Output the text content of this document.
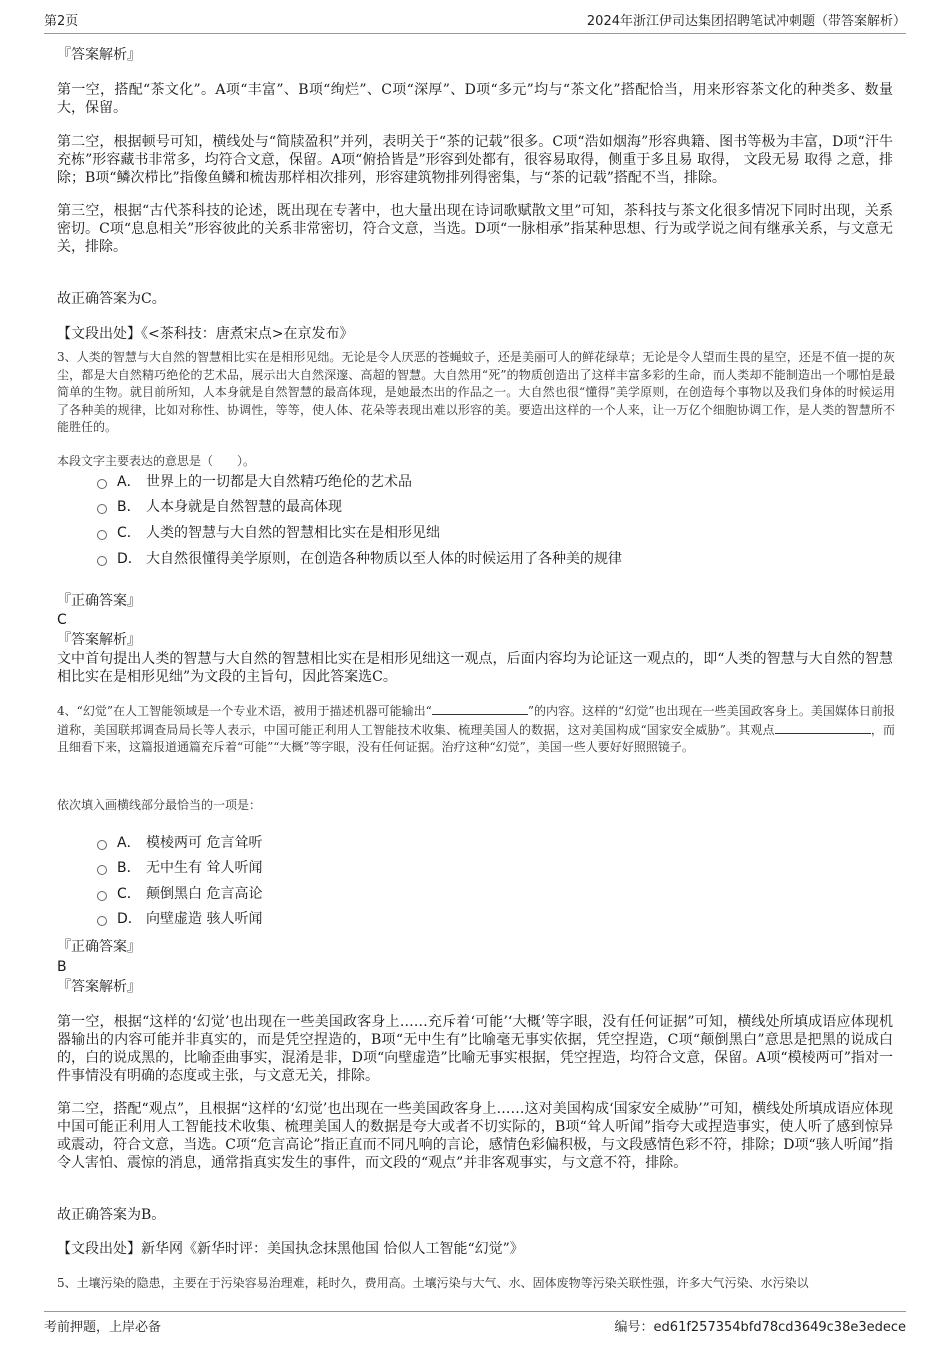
第2页	2024年浙江伊司达集团招聘笔试冲刺题（带答案解析）
『答案解析』

第一空，搭配“茶文化”。A项“丰富”、B项“绚烂”、C项“深厚”、D项“多元”均与“茶文化”搭配恰当，用来形容茶文化的种类多、数量大，保留。

第二空，根据顿号可知，横线处与“简牍盈积”并列，表明关于“茶的记载”很多。C项“浩如烟海”形容典籍、图书等极为丰富，D项“汗牛充栋”形容藏书非常多，均符合文意，保留。A项“俯拾皆是”形容到处都有，很容易取得，侧重于多且易 取得， 文段无易 取得 之意，排除；B项“鳞次栉比”指像鱼鳞和梳齿那样相次排列，形容建筑物排列得密集，与“茶的记载”搭配不当，排除。

第三空，根据“古代茶科技的论述，既出现在专著中，也大量出现在诗词歌赋散文里”可知，茶科技与茶文化很多情况下同时出现，关系密切。C项“息息相关”形容彼此的关系非常密切，符合文意，当选。D项“一脉相承”指某种思想、行为或学说之间有继承关系，与文意无关，排除。

故正确答案为C。
【文段出处】《<茶科技：唐煮宋点>在京发布》

3、人类的智慧与大自然的智慧相比实在是相形见绌。无论是令人厌恶的苍蝇蚊子，还是美丽可人的鲜花绿草；无论是令人望而生畏的星空，还是不值一提的灰尘，都是大自然精巧绝伦的艺术品，展示出大自然深邃、高超的智慧。大自然用“死”的物质创造出了这样丰富多彩的生命，而人类却不能制造出一个哪怕是最简单的生物。就目前所知，人本身就是自然智慧的最高体现，是她最杰出的作品之一。大自然也很“懂得”美学原则，在创造每个事物以及我们身体的时候运用了各种美的规律，比如对称性、协调性，等等，使人体、花朵等表现出难以形容的美。要造出这样的一个人来，让一万亿个细胞协调工作，是人类的智慧所不能胜任的。

本段文字主要表达的意思是（　　）。
A． 世界上的一切都是大自然精巧绝伦的艺术品
B． 人本身就是自然智慧的最高体现
C． 人类的智慧与大自然的智慧相比实在是相形见绌
D． 大自然很懂得美学原则，在创造各种物质以至人体的时候运用了各种美的规律
『正确答案』
C
『答案解析』

文中首句提出人类的智慧与大自然的智慧相比实在是相形见绌这一观点，后面内容均为论证这一观点的，即“人类的智慧与大自然的智慧相比实在是相形见绌”为文段的主旨句，因此答案选C。

4、“幻觉”在人工智能领域是一个专业术语，被用于描述机器可能输出“	”的内容。这样的“幻觉”也出现在一些美国政客身上。美国媒体日前报道称，美国联邦调查局局长等人表示，中国可能正利用人工智能技术收集、梳理美国人的数据，这对美国构成“国家安全威胁”。其观点	，而且细看下来，这篇报道通篇充斥着“可能”“大概”等字眼，没有任何证据。治疗这种“幻觉”，美国一些人要好好照照镜子。

依次填入画横线部分最恰当的一项是：
A． 模棱两可 危言耸听
B． 无中生有 耸人听闻
C． 颠倒黑白 危言高论
D． 向壁虚造 骇人听闻
『正确答案』
B
『答案解析』

第一空，根据“这样的‘幻觉’也出现在一些美国政客身上……充斥着‘可能’‘大概’等字眼，没有任何证据”可知，横线处所填成语应体现机器输出的内容可能并非真实的，而是凭空捏造的，B项“无中生有”比喻毫无事实依据，凭空捏造，C项“颠倒黑白”意思是把黑的说成白的，白的说成黑的，比喻歪曲事实，混淆是非，D项“向壁虚造”比喻无事实根据，凭空捏造，均符合文意，保留。A项“模棱两可”指对一件事情没有明确的态度或主张，与文意无关，排除。

第二空，搭配“观点”，且根据“这样的‘幻觉’也出现在一些美国政客身上……这对美国构成‘国家安全威胁’”可知，横线处所填成语应体现中国可能正利用人工智能技术收集、梳理美国人的数据是夸大或者不切实际的，B项“耸人听闻”指夸大或捏造事实，使人听了感到惊异或震动，符合文意，当选。C项“危言高论”指正直而不同凡响的言论，感情色彩偏积极，与文段感情色彩不符，排除；D项“骇人听闻”指令人害怕、震惊的消息，通常指真实发生的事件，而文段的“观点”并非客观事实，与文意不符，排除。

故正确答案为B。
【文段出处】新华网《新华时评：美国执念抹黑他国 恰似人工智能“幻觉”》

5、土壤污染的隐患，主要在于污染容易治理难，耗时久，费用高。土壤污染与大气、水、固体废物等污染关联性强，许多大气污染、水污染以

考前押题，上岸必备	编号：ed61f257354bfd78cd3649c38e3edece
